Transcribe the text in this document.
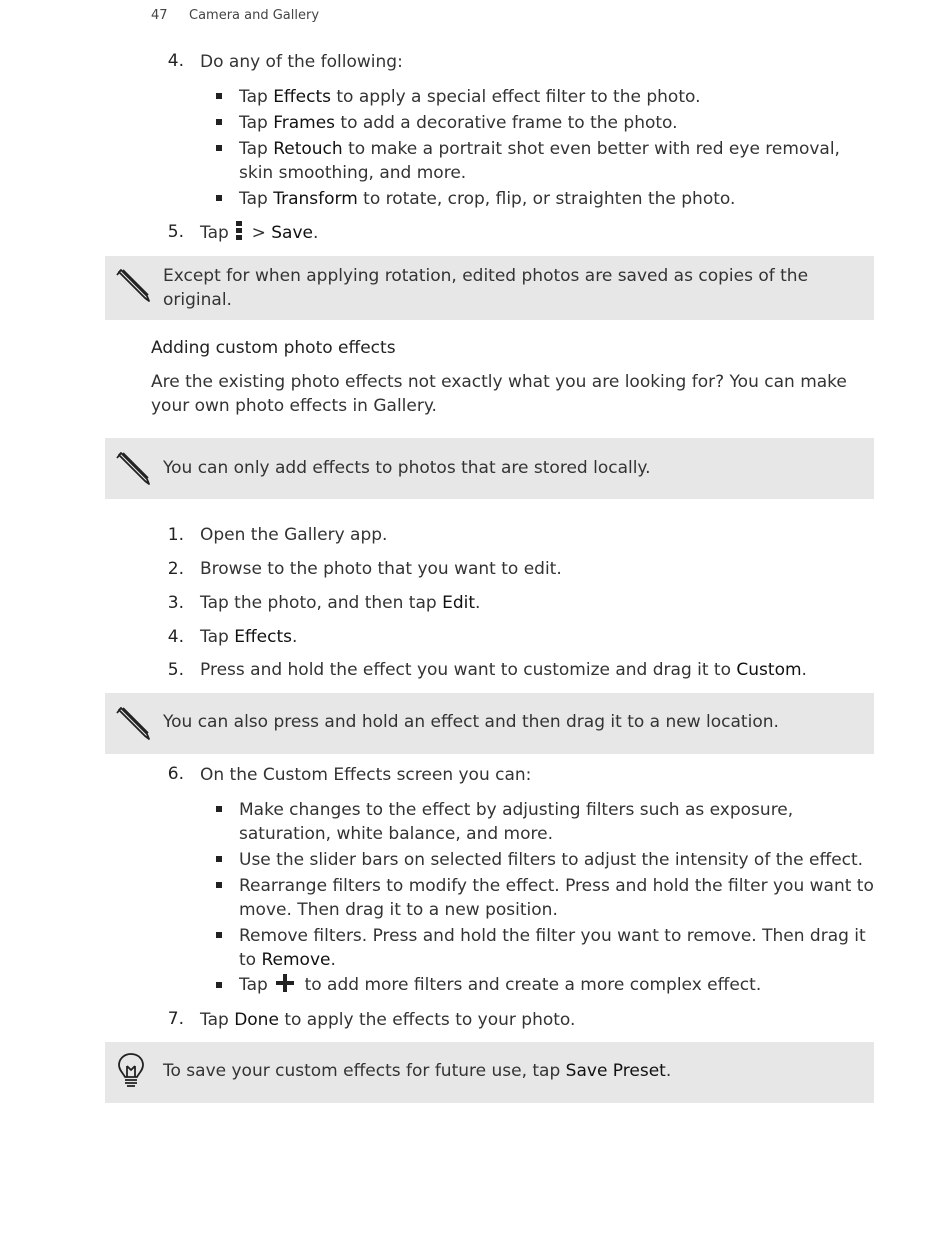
47 Camera and Gallery
4. Do any of the following:
Tap Effects to apply a special effect filter to the photo.
Tap Frames to add a decorative frame to the photo.
Tap Retouch to make a portrait shot even better with red eye removal, skin smoothing, and more.
Tap Transform to rotate, crop, flip, or straighten the photo.
5. Tap  > Save.
Except for when applying rotation, edited photos are saved as copies of the original.
Adding custom photo effects
Are the existing photo effects not exactly what you are looking for? You can make your own photo effects in Gallery.
You can only add effects to photos that are stored locally.
1. Open the Gallery app.
2. Browse to the photo that you want to edit.
3. Tap the photo, and then tap Edit.
4. Tap Effects.
5. Press and hold the effect you want to customize and drag it to Custom.
You can also press and hold an effect and then drag it to a new location.
6. On the Custom Effects screen you can:
Make changes to the effect by adjusting filters such as exposure, saturation, white balance, and more.
Use the slider bars on selected filters to adjust the intensity of the effect.
Rearrange filters to modify the effect. Press and hold the filter you want to move. Then drag it to a new position.
Remove filters. Press and hold the filter you want to remove. Then drag it to Remove.
Tap  to add more filters and create a more complex effect.
7. Tap Done to apply the effects to your photo.
To save your custom effects for future use, tap Save Preset.
